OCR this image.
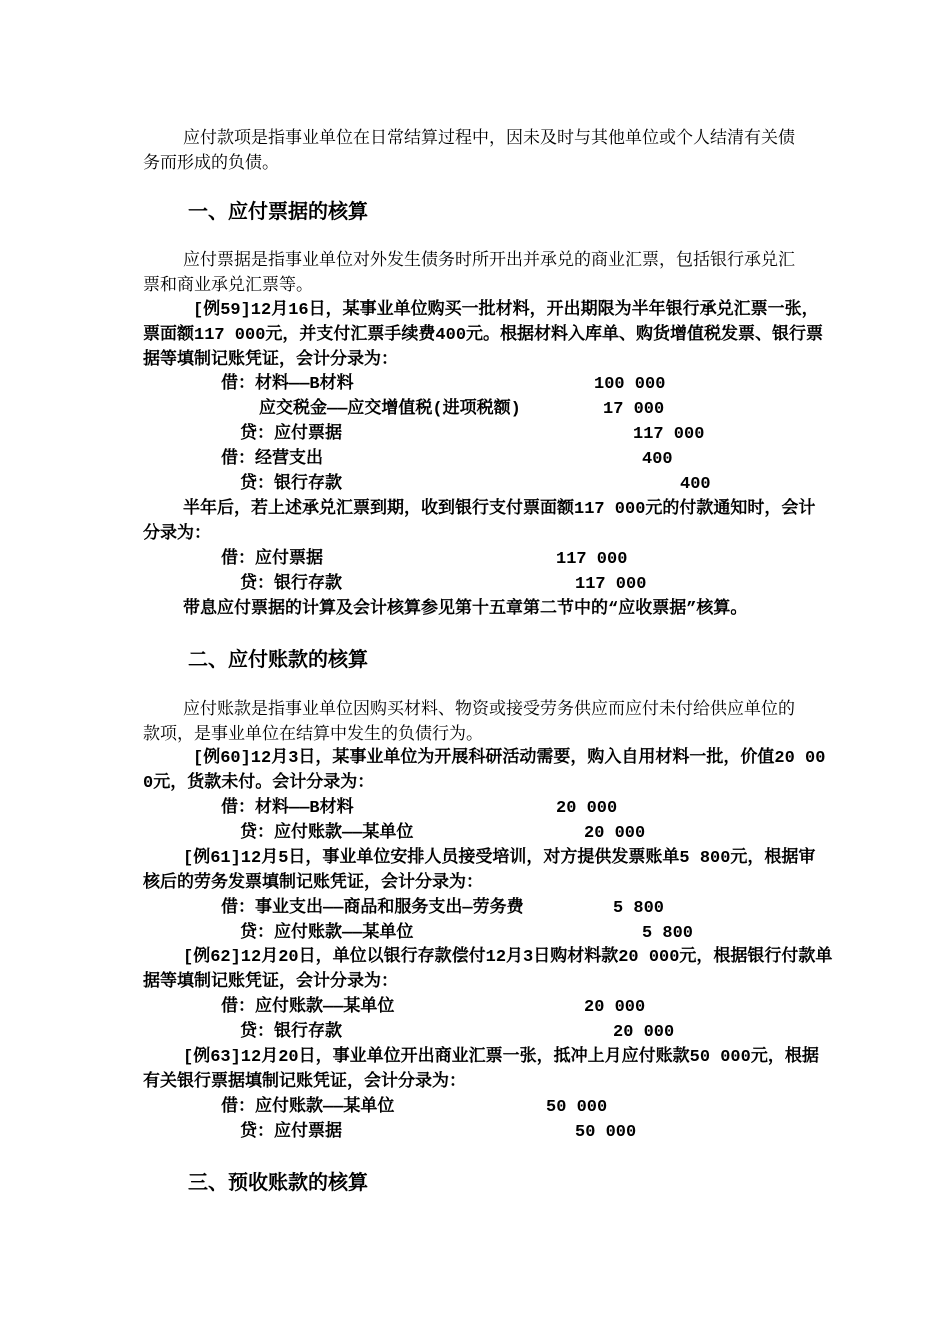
应付款项是指事业单位在日常结算过程中，因未及时与其他单位或个人结清有关债
务而形成的负债。
一、应付票据的核算
应付票据是指事业单位对外发生债务时所开出并承兑的商业汇票，包括银行承兑汇
票和商业承兑汇票等。
[例59]12月16日，某事业单位购买一批材料，开出期限为半年银行承兑汇票一张，
票面额117 000元，并支付汇票手续费400元。根据材料入库单、购货增值税发票、银行票
据等填制记账凭证，会计分录为：
借：材料——B材料	100 000
应交税金——应交增值税(进项税额)	17 000
贷：应付票据	117 000
借：经营支出	400
贷：银行存款	400
半年后，若上述承兑汇票到期，收到银行支付票面额117 000元的付款通知时，会计
分录为：
借：应付票据	117 000
贷：银行存款	117 000
带息应付票据的计算及会计核算参见第十五章第二节中的“应收票据”核算。
二、应付账款的核算
应付账款是指事业单位因购买材料、物资或接受劳务供应而应付未付给供应单位的
款项，是事业单位在结算中发生的负债行为。
[例60]12月3日，某事业单位为开展科研活动需要，购入自用材料一批，价值20 00
0元，货款未付。会计分录为：
借：材料——B材料	20 000
贷：应付账款——某单位	20 000
[例61]12月5日，事业单位安排人员接受培训，对方提供发票账单5 800元，根据审
核后的劳务发票填制记账凭证，会计分录为：
借：事业支出——商品和服务支出—劳务费	5 800
贷：应付账款——某单位	5 800
[例62]12月20日，单位以银行存款偿付12月3日购材料款20 000元，根据银行付款单
据等填制记账凭证，会计分录为：
借：应付账款——某单位	20 000
贷：银行存款	20 000
[例63]12月20日，事业单位开出商业汇票一张，抵冲上月应付账款50 000元，根据
有关银行票据填制记账凭证，会计分录为：
借：应付账款——某单位	50 000
贷：应付票据	50 000
三、预收账款的核算
